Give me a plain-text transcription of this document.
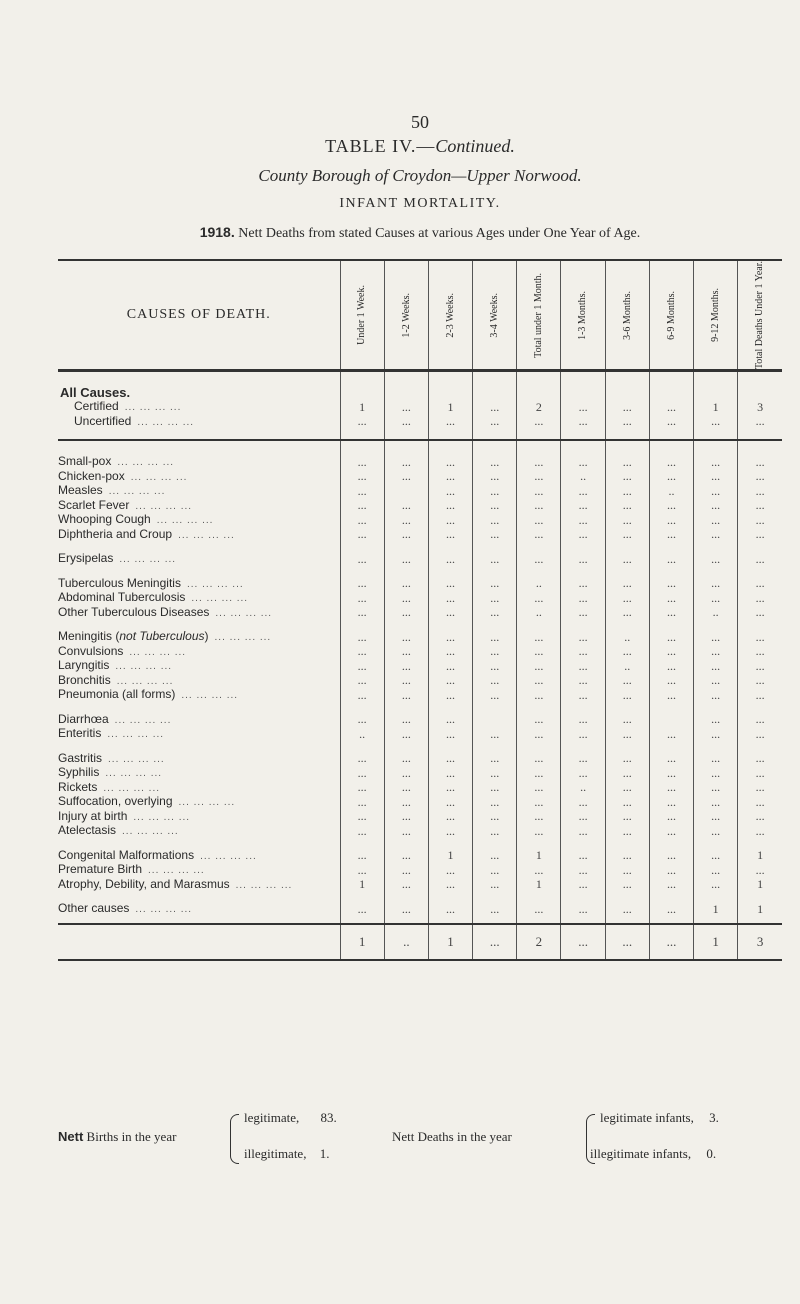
50
TABLE IV.—Continued.
County Borough of Croydon—Upper Norwood.
INFANT MORTALITY.
1918. Nett Deaths from stated Causes at various Ages under One Year of Age.
CAUSES OF DEATH.	Under 1 Week.	1-2 Weeks.	2-3 Weeks.	3-4 Weeks.	Total under 1 Month.	1-3 Months.	3-6 Months.	6-9 Months.	9-12 Months.	Total Deaths Under 1 Year.

All Causes.										
Certified ... ... ... ...	1	...	1	...	2	...	...	...	1	3
Uncertified ... ... ... ...	...	...	...	...	...	...	...	...	...	...

Small-pox ... ... ... ...	...	...	...	...	...	...	...	...	...	...
Chicken-pox ... ... ... ...	...	...	...	...	...	..	...	...	...	...
Measles ... ... ... ...	...		...	...	...	...	...	..	...	...
Scarlet Fever ... ... ... ...	...	...	...	...	...	...	...	...	...	...
Whooping Cough ... ... ... ...	...	...	...	...	...	...	...	...	...	...
Diphtheria and Croup ... ... ... ...	...	...	...	...	...	...	...	...	...	...

Erysipelas ... ... ... ...	...	...	...	...	...	...	...	...	...	...

Tuberculous Meningitis ... ... ... ...	...	...	...	...	..	...	...	...	...	...
Abdominal Tuberculosis ... ... ... ...	...	...	...	...	...	...	...	...	...	...
Other Tuberculous Diseases ... ... ... ...	...	...	...	...	..	...	...	...	..	...

Meningitis (not Tuberculous) ... ... ... ...	...	...	...	...	...	...	..	...	...	...
Convulsions ... ... ... ...	...	...	...	...	...	...	...	...	...	...
Laryngitis ... ... ... ...	...	...	...	...	...	...	..	...	...	...
Bronchitis ... ... ... ...	...	...	...	...	...	...	...	...	...	...
Pneumonia (all forms) ... ... ... ...	...	...	...	...	...	...	...	...	...	...

Diarrhœa ... ... ... ...	...	...	...		...	...	...		...	...
Enteritis ... ... ... ...	..	...	...	...	...	...	...	...	...	...

Gastritis ... ... ... ...	...	...	...	...	...	...	...	...	...	...
Syphilis ... ... ... ...	...	...	...	...	...	...	...	...	...	...
Rickets ... ... ... ...	...	...	...	...	...	..	...	...	...	...
Suffocation, overlying ... ... ... ...	...	...	...	...	...	...	...	...	...	...
Injury at birth ... ... ... ...	...	...	...	...	...	...	...	...	...	...
Atelectasis ... ... ... ...	...	...	...	...	...	...	...	...	...	...

Congenital Malformations ... ... ... ...	...	...	1	...	1	...	...	...	...	1
Premature Birth ... ... ... ...	...	...	...	...	...	...	...	...	...	...
Atrophy, Debility, and Marasmus ... ... ... ...	1	...	...	...	1	...	...	...	...	1

Other causes ... ... ... ...	...	...	...	...	...	...	...	...	1	1

	1	..	1	...	2	...	...	...	1	3
Nett Births in the year
legitimate, 83.
illegitimate, 1.
Nett Deaths in the year
legitimate infants, 3.
illegitimate infants, 0.
